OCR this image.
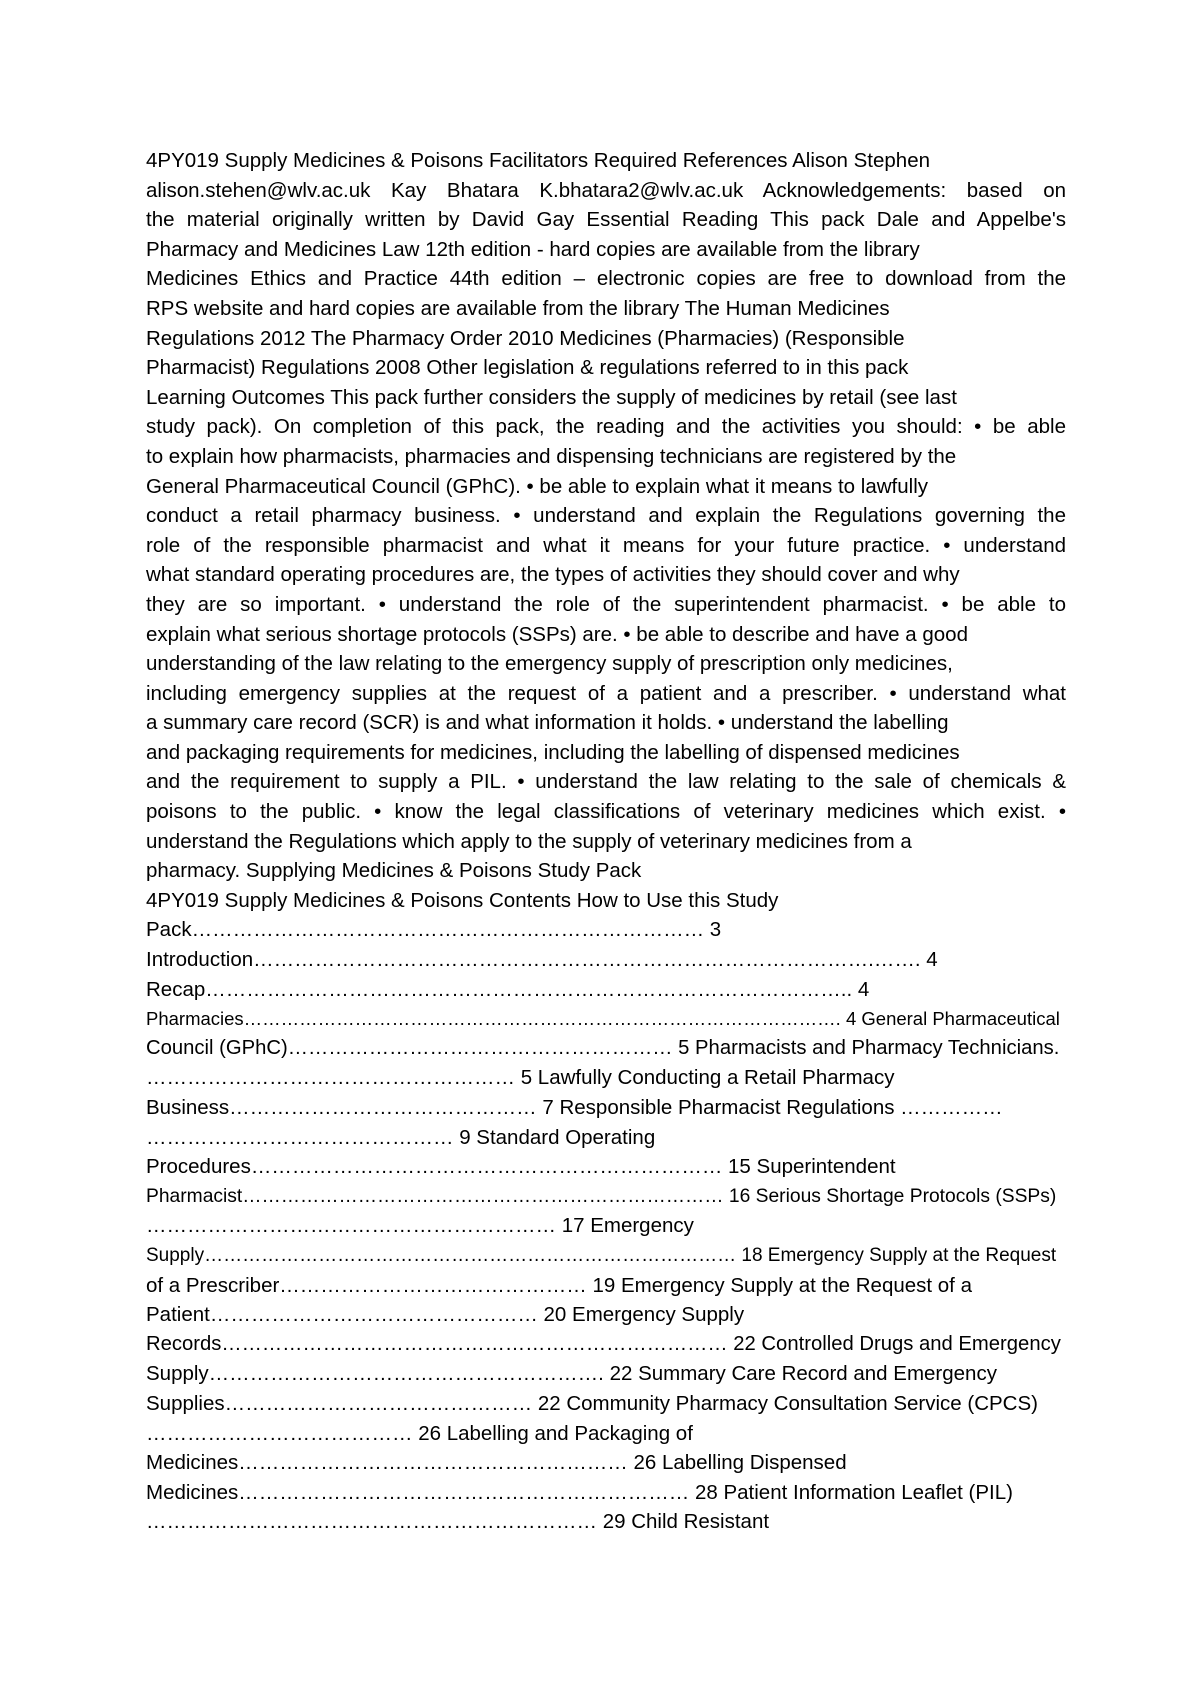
4PY019 Supply Medicines & Poisons Facilitators Required References Alison Stephen
alison.stehen@wlv.ac.uk Kay Bhatara K.bhatara2@wlv.ac.uk Acknowledgements: based on
the material originally written by David Gay Essential Reading This pack Dale and Appelbe's
Pharmacy and Medicines Law 12th edition - hard copies are available from the library
Medicines Ethics and Practice 44th edition – electronic copies are free to download from the
RPS website and hard copies are available from the library The Human Medicines
Regulations 2012 The Pharmacy Order 2010 Medicines (Pharmacies) (Responsible
Pharmacist) Regulations 2008 Other legislation & regulations referred to in this pack
Learning Outcomes This pack further considers the supply of medicines by retail (see last
study pack). On completion of this pack, the reading and the activities you should: • be able
to explain how pharmacists, pharmacies and dispensing technicians are registered by the
General Pharmaceutical Council (GPhC). • be able to explain what it means to lawfully
conduct a retail pharmacy business. • understand and explain the Regulations governing the
role of the responsible pharmacist and what it means for your future practice. • understand
what standard operating procedures are, the types of activities they should cover and why
they are so important. • understand the role of the superintendent pharmacist. • be able to
explain what serious shortage protocols (SSPs) are. • be able to describe and have a good
understanding of the law relating to the emergency supply of prescription only medicines,
including emergency supplies at the request of a patient and a prescriber. • understand what
a summary care record (SCR) is and what information it holds. • understand the labelling
and packaging requirements for medicines, including the labelling of dispensed medicines
and the requirement to supply a PIL. • understand the law relating to the sale of chemicals &
poisons to the public. • know the legal classifications of veterinary medicines which exist. •
understand the Regulations which apply to the supply of veterinary medicines from a
pharmacy. Supplying Medicines & Poisons Study Pack
4PY019 Supply Medicines & Poisons Contents How to Use this Study
Pack………………………………………………………………… 3
Introduction……………………………………………………………………………….……. 4
Recap………………………………………………………………………………….. 4
Pharmacies……………………………………………………………………………………. 4 General Pharmaceutical
Council (GPhC)………………………………………………… 5 Pharmacists and Pharmacy Technicians.
……………………………………………… 5 Lawfully Conducting a Retail Pharmacy
Business……………………………………… 7 Responsible Pharmacist Regulations ……………
……………………………………… 9 Standard Operating
Procedures…………………………………………………………… 15 Superintendent
Pharmacist………………………………………………………………… 16 Serious Shortage Protocols (SSPs)
…………………………………………………… 17 Emergency
Supply………………………………………………………………………… 18 Emergency Supply at the Request
of a Prescriber……………………………………… 19 Emergency Supply at the Request of a
Patient………………………………………… 20 Emergency Supply
Records………………………………………………………………… 22 Controlled Drugs and Emergency
Supply…………………………………………………. 22 Summary Care Record and Emergency
Supplies……………………………………… 22 Community Pharmacy Consultation Service (CPCS)
………………………………… 26 Labelling and Packaging of
Medicines………………………………………………… 26 Labelling Dispensed
Medicines………………………………………………………… 28 Patient Information Leaflet (PIL)
………………………………………………………… 29 Child Resistant
